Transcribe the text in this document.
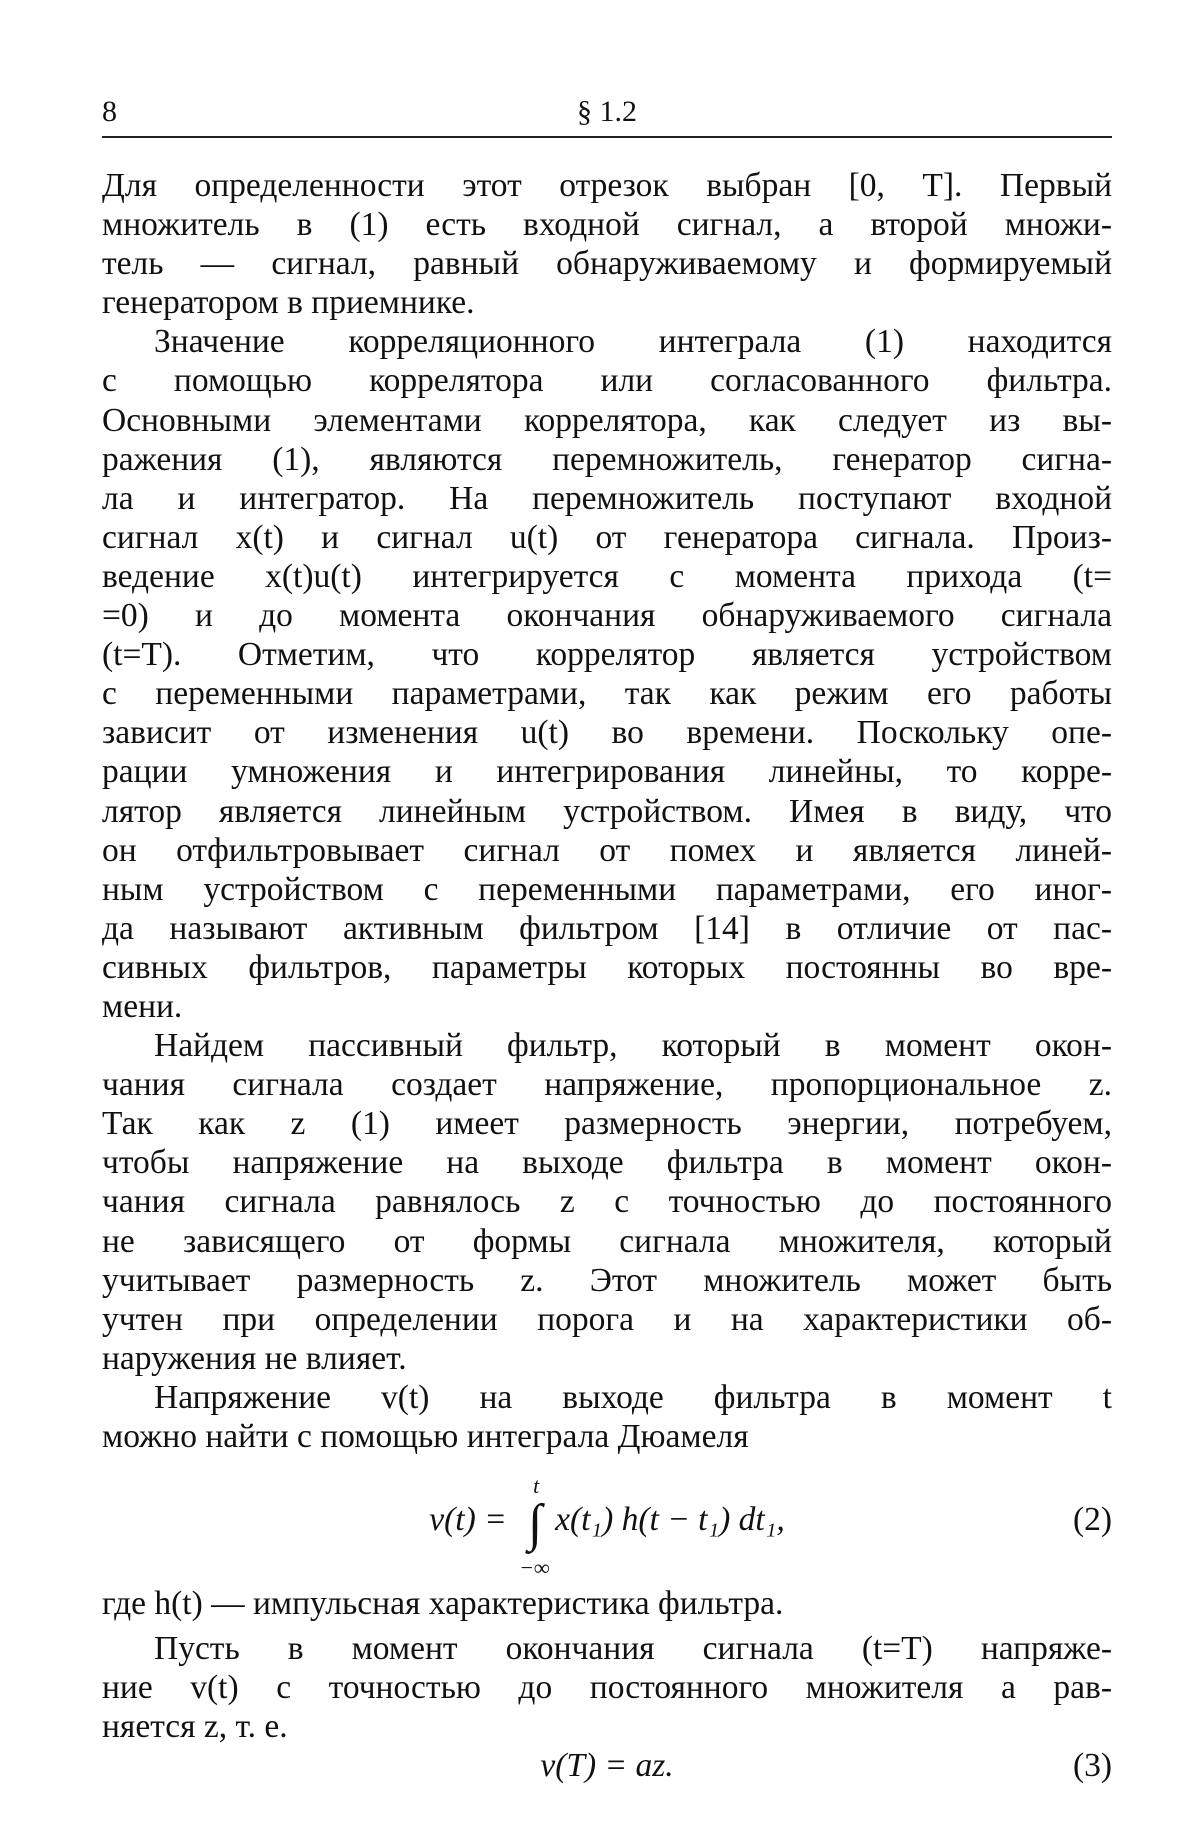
8	§ 1.2
Для определенности этот отрезок выбран [0, T]. Первый
множитель в (1) есть входной сигнал, а второй множи-
тель — сигнал, равный обнаруживаемому и формируемый
генератором в приемнике.
Значение корреляционного интеграла (1) находится
с помощью коррелятора или согласованного фильтра.
Основными элементами коррелятора, как следует из вы-
ражения (1), являются перемножитель, генератор сигна-
ла и интегратор. На перемножитель поступают входной
сигнал x(t) и сигнал u(t) от генератора сигнала. Произ-
ведение x(t)u(t) интегрируется с момента прихода (t=
=0) и до момента окончания обнаруживаемого сигнала
(t=T). Отметим, что коррелятор является устройством
с переменными параметрами, так как режим его работы
зависит от изменения u(t) во времени. Поскольку опе-
рации умножения и интегрирования линейны, то корре-
лятор является линейным устройством. Имея в виду, что
он отфильтровывает сигнал от помех и является линей-
ным устройством с переменными параметрами, его иног-
да называют активным фильтром [14] в отличие от пас-
сивных фильтров, параметры которых постоянны во вре-
мени.
Найдем пассивный фильтр, который в момент окон-
чания сигнала создает напряжение, пропорциональное z.
Так как z (1) имеет размерность энергии, потребуем,
чтобы напряжение на выходе фильтра в момент окон-
чания сигнала равнялось z с точностью до постоянного
не зависящего от формы сигнала множителя, который
учитывает размерность z. Этот множитель может быть
учтен при определении порога и на характеристики об-
наружения не влияет.
Напряжение v(t) на выходе фильтра в момент t
можно найти с помощью интеграла Дюамеля
v(t) = ∫
t
−∞
x(t₁) h(t − t₁) dt₁,	(2)
где h(t) — импульсная характеристика фильтра.
Пусть в момент окончания сигнала (t=T) напряже-
ние v(t) с точностью до постоянного множителя a рав-
няется z, т. е.
v(T) = az.	(3)
